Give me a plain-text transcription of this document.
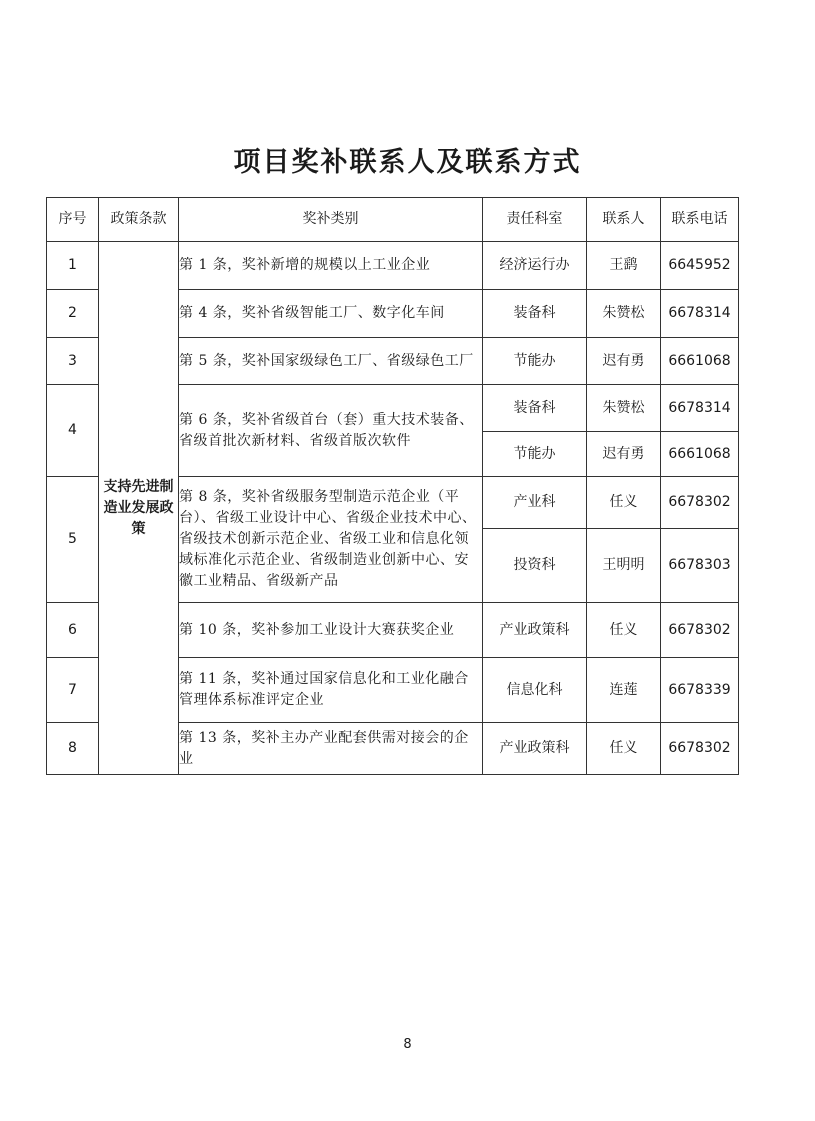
项目奖补联系人及联系方式
序号	政策条款	奖补类别	责任科室	联系人	联系电话
1	支持先进制造业发展政策	第 1 条，奖补新增的规模以上工业企业	经济运行办	王鹞	6645952
2		第 4 条，奖补省级智能工厂、数字化车间	装备科	朱赞松	6678314
3		第 5 条，奖补国家级绿色工厂、省级绿色工厂	节能办	迟有勇	6661068
4		第 6 条，奖补省级首台（套）重大技术装备、省级首批次新材料、省级首版次软件	装备科	朱赞松	6678314
			节能办	迟有勇	6661068
5		第 8 条，奖补省级服务型制造示范企业（平台）、省级工业设计中心、省级企业技术中心、省级技术创新示范企业、省级工业和信息化领域标准化示范企业、省级制造业创新中心、安徽工业精品、省级新产品	产业科	任义	6678302
			投资科	王明明	6678303
6		第 10 条，奖补参加工业设计大赛获奖企业	产业政策科	任义	6678302
7		第 11 条，奖补通过国家信息化和工业化融合管理体系标准评定企业	信息化科	连莲	6678339
8		第 13 条，奖补主办产业配套供需对接会的企业	产业政策科	任义	6678302
8
